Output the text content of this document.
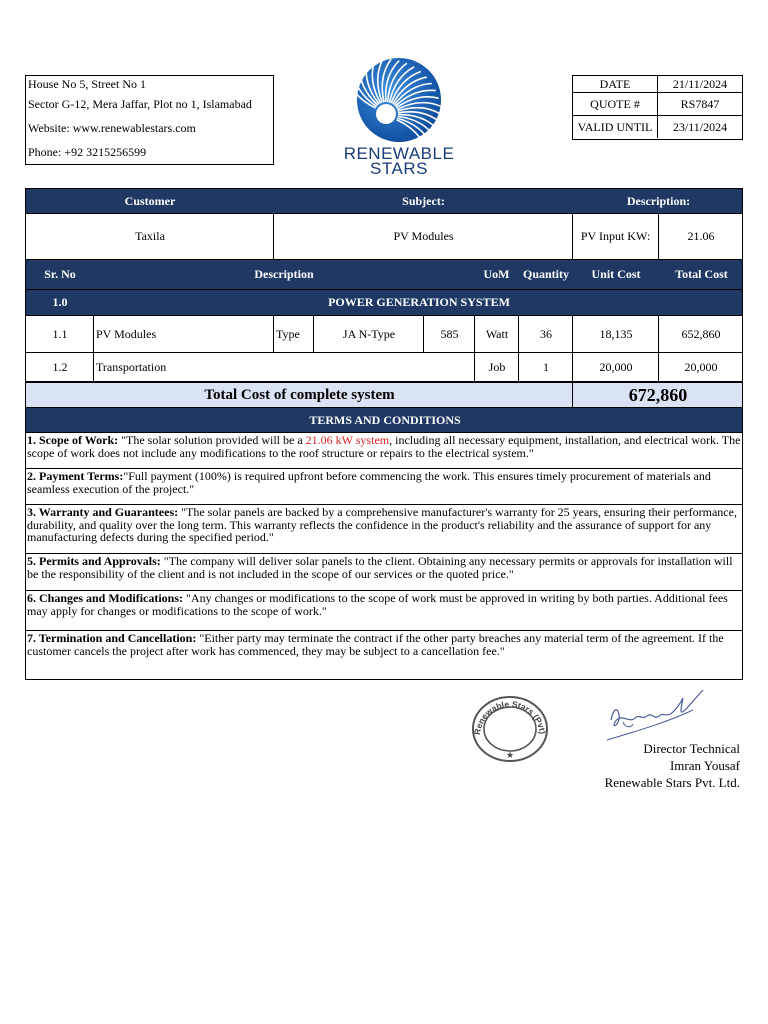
House No 5, Street No 1
Sector G-12, Mera Jaffar, Plot no 1, Islamabad
Website: www.renewablestars.com
Phone: +92 3215256599	RENEWABLE
STARS
DATE	21/11/2024
QUOTE #	RS7847
VALID UNTIL	23/11/2024
Customer	Subject:	Description:
Taxila	PV Modules	PV Input KW:	21.06
Sr. No	Description	UoM	Quantity	Unit Cost	Total Cost
1.0	POWER GENERATION SYSTEM
1.1	PV Modules	Type	JA N-Type	585	Watt	36	18,135	652,860
1.2	Transportation	Job	1	20,000	20,000
Total Cost of complete system	672,860
TERMS AND CONDITIONS
1. Scope of Work: "The solar solution provided will be a 21.06 kW system, including all necessary equipment, installation, and electrical work. The scope of work does not include any modifications to the roof structure or repairs to the electrical system."
2. Payment Terms:"Full payment (100%) is required upfront before commencing the work. This ensures timely procurement of materials and seamless execution of the project."
3. Warranty and Guarantees: "The solar panels are backed by a comprehensive manufacturer's warranty for 25 years, ensuring their performance, durability, and quality over the long term. This warranty reflects the confidence in the product's reliability and the assurance of support for any manufacturing defects during the specified period."
5. Permits and Approvals: "The company will deliver solar panels to the client. Obtaining any necessary permits or approvals for installation will be the responsibility of the client and is not included in the scope of our services or the quoted price."
6. Changes and Modifications: "Any changes or modifications to the scope of work must be approved in writing by both parties. Additional fees may apply for changes or modifications to the scope of work."
7. Termination and Cancellation: "Either party may terminate the contract if the other party breaches any material term of the agreement. If the customer cancels the project after work has commenced, they may be subject to a cancellation fee."
Renewable Stars (Pvt)
★	Director Technical
Imran Yousaf
Renewable Stars Pvt. Ltd.
